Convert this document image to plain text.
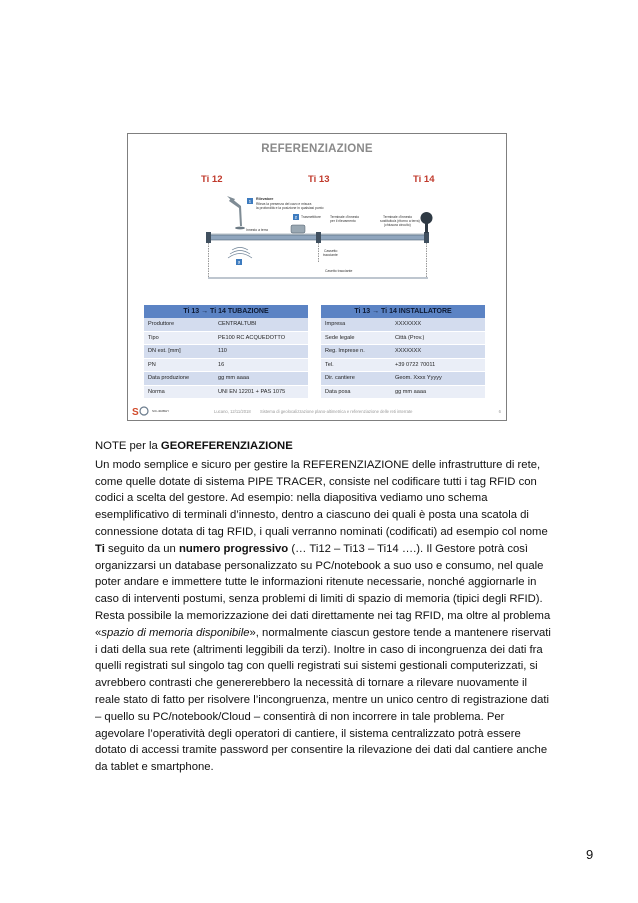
REFERENZIAZIONE
Ti 12	Ti 13	Ti 14
1
2
3
Rilevatore
Rileva la presenza del cavo e misura
la profondità e la posizione in qualsiasi punto
Innesto a terra
Trasmettitore	Terminale d'innesto
per il rilevamento
Terminale d'innesto
sostituito/a (ritorno a terra)
(chiusura circuito)
Cassetto
tracciante
Cavetto tracciante
Ti 13 → Ti 14 TUBAZIONE	
Produttore	CENTRALTUBI
Tipo	PE100 RC ACQUEDOTTO
DN est. [mm]	110
PN	16
Data produzione	gg mm aaaa
Norma	UNI EN 12201 + PAS 1075
Ti 13 → Ti 14 INSTALLATORE	
Impresa	XXXXXXX
Sede legale	Città (Prov.)
Reg. Imprese n.	XXXXXXX
Tel.	+39 0722 70011
Dir. cantiere	Geom. Xxxx Yyyyy
Data posa	gg mm aaaa
S	SIC-402BHY	Lucano, 12/11/2018 Sistema di geolocalizzazione plano-altimetrica e referenziazione delle reti interrate	6
NOTE per la GEOREFERENZIAZIONE

Un modo semplice e sicuro per gestire la REFERENZIAZIONE delle infrastrutture di rete, come quelle dotate di sistema PIPE TRACER, consiste nel codificare tutti i tag RFID con codici a scelta del gestore. Ad esempio: nella diapositiva vediamo uno schema esemplificativo di terminali d’innesto, dentro a ciascuno dei quali è posta una scatola di connessione dotata di tag RFID, i quali verranno nominati (codificati) ad esempio col nome Ti seguito da un numero progressivo (… Ti12 – Ti13 – Ti14 ….). Il Gestore potrà così organizzarsi un database personalizzato su PC/notebook a suo uso e consumo, nel quale poter andare e immettere tutte le informazioni ritenute necessarie, nonché aggiornarle in caso di interventi postumi, senza problemi di limiti di spazio di memoria (tipici degli RFID). Resta possibile la memorizzazione dei dati direttamente nei tag RFID, ma oltre al problema «spazio di memoria disponibile», normalmente ciascun gestore tende a mantenere riservati i dati della sua rete (altrimenti leggibili da terzi). Inoltre in caso di incongruenza dei dati fra quelli registrati sul singolo tag con quelli registrati sui sistemi gestionali computerizzati, si avrebbero contrasti che genererebbero la necessità di tornare a rilevare nuovamente il reale stato di fatto per risolvere l’incongruenza, mentre un unico centro di registrazione dati – quello su PC/notebook/Cloud – consentirà di non incorrere in tale problema. Per agevolare l’operatività degli operatori di cantiere, il sistema centralizzato potrà essere dotato di accessi tramite password per consentire la rilevazione dei dati dal cantiere anche da tablet e smartphone.

9
